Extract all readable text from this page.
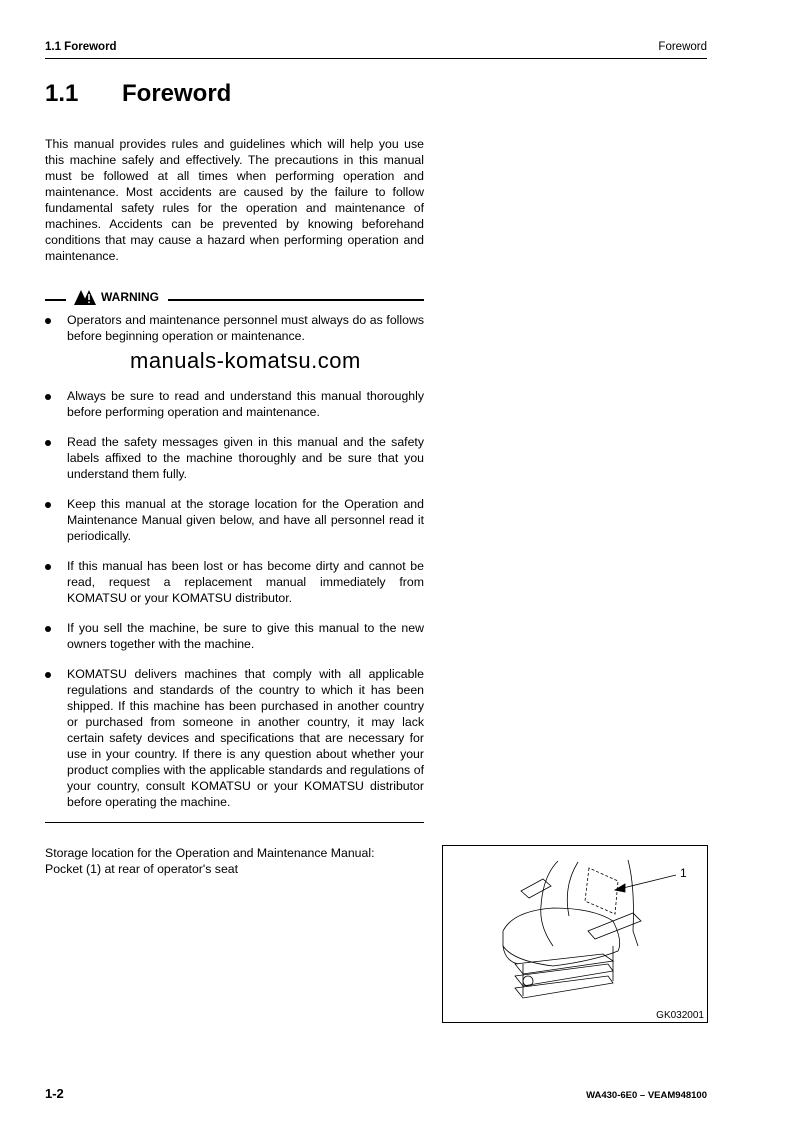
1.1 Foreword	Foreword
1.1 Foreword
This manual provides rules and guidelines which will help you use this machine safely and effectively. The precautions in this manual must be followed at all times when performing operation and maintenance. Most accidents are caused by the failure to follow fundamental safety rules for the operation and maintenance of machines. Accidents can be prevented by knowing beforehand conditions that may cause a hazard when performing operation and maintenance.
WARNING
Operators and maintenance personnel must always do as follows before beginning operation or maintenance.
manuals-komatsu.com
Always be sure to read and understand this manual thoroughly before performing operation and maintenance.
Read the safety messages given in this manual and the safety labels affixed to the machine thoroughly and be sure that you understand them fully.
Keep this manual at the storage location for the Operation and Maintenance Manual given below, and have all personnel read it periodically.
If this manual has been lost or has become dirty and cannot be read, request a replacement manual immediately from KOMATSU or your KOMATSU distributor.
If you sell the machine, be sure to give this manual to the new owners together with the machine.
KOMATSU delivers machines that comply with all applicable regulations and standards of the country to which it has been shipped. If this machine has been purchased in another country or purchased from someone in another country, it may lack certain safety devices and specifications that are necessary for use in your country. If there is any question about whether your product complies with the applicable standards and regulations of your country, consult KOMATSU or your KOMATSU distributor before operating the machine.
Storage location for the Operation and Maintenance Manual:
Pocket (1) at rear of operator's seat	1
GK032001
1-2	WA430-6E0 – VEAM948100
